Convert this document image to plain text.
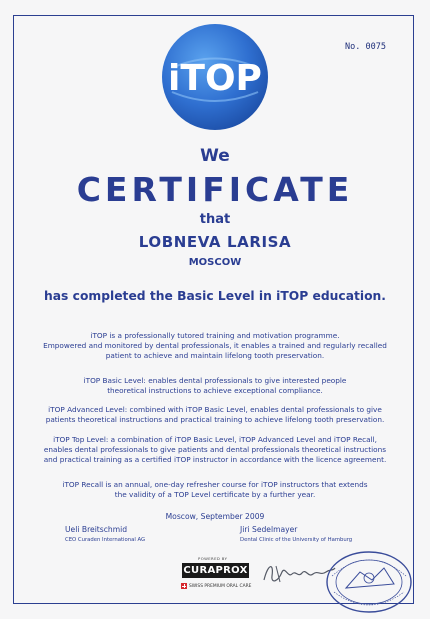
iTOP
No. 0075
We
CERTIFICATE
that
LOBNEVA LARISA
MOSCOW
has completed the Basic Level in iTOP education.
iTOP is a professionally tutored training and motivation programme.
Empowered and monitored by dental professionals, it enables a trained and regularly recalled
patient to achieve and maintain lifelong tooth preservation.
iTOP Basic Level: enables dental professionals to give interested people
theoretical instructions to achieve exceptional compliance.
iTOP Advanced Level: combined with iTOP Basic Level, enables dental professionals to give
patients theoretical instructions and practical training to achieve lifelong tooth preservation.
iTOP Top Level: a combination of iTOP Basic Level, iTOP Advanced Level and iTOP Recall,
enables dental professionals to give patients and dental professionals theoretical instructions
and practical training as a certified iTOP instructor in accordance with the licence agreement.
iTOP Recall is an annual, one-day refresher course for iTOP instructors that extends
the validity of a TOP Level certificate by a further year.
Moscow, September 2009
Ueli Breitschmid
CEO Curaden International AG
Jiri Sedelmayer
Dental Clinic of the University of Hamburg
POWERED BY
CURAPROX
SWISS PREMIUM ORAL CARE
